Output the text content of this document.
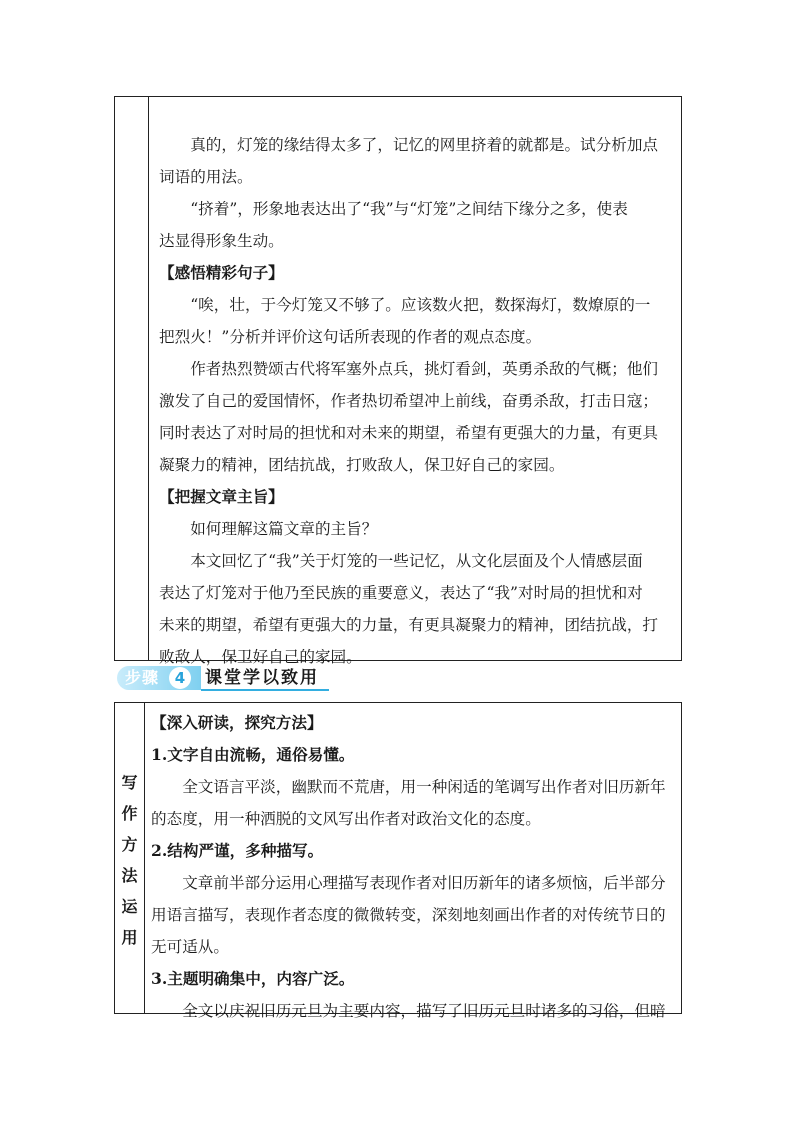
真的，灯笼的缘结得太多了，记忆的网里挤着的就都是。试分析加点
词语的用法。
“挤着”，形象地表达出了“我”与“灯笼”之间结下缘分之多，使表
达显得形象生动。
【感悟精彩句子】
“唉，壮，于今灯笼又不够了。应该数火把，数探海灯，数燎原的一
把烈火！”分析并评价这句话所表现的作者的观点态度。
作者热烈赞颂古代将军塞外点兵，挑灯看剑，英勇杀敌的气概；他们
激发了自己的爱国情怀，作者热切希望冲上前线，奋勇杀敌，打击日寇；
同时表达了对时局的担忧和对未来的期望，希望有更强大的力量，有更具
凝聚力的精神，团结抗战，打败敌人，保卫好自己的家园。
【把握文章主旨】
如何理解这篇文章的主旨？
本文回忆了“我”关于灯笼的一些记忆，从文化层面及个人情感层面
表达了灯笼对于他乃至民族的重要意义，表达了“我”对时局的担忧和对
未来的期望，希望有更强大的力量，有更具凝聚力的精神，团结抗战，打
败敌人，保卫好自己的家园。
步骤	4	课堂学以致用
写
作
方
法
运
用
【深入研读，探究方法】
1.文字自由流畅，通俗易懂。
全文语言平淡，幽默而不荒唐，用一种闲适的笔调写出作者对旧历新年
的态度，用一种洒脱的文风写出作者对政治文化的态度。
2.结构严谨，多种描写。
文章前半部分运用心理描写表现作者对旧历新年的诸多烦恼，后半部分
用语言描写，表现作者态度的微微转变，深刻地刻画出作者的对传统节日的
无可适从。
3.主题明确集中，内容广泛。
全文以庆祝旧历元旦为主要内容，描写了旧历元旦时诸多的习俗，但暗
